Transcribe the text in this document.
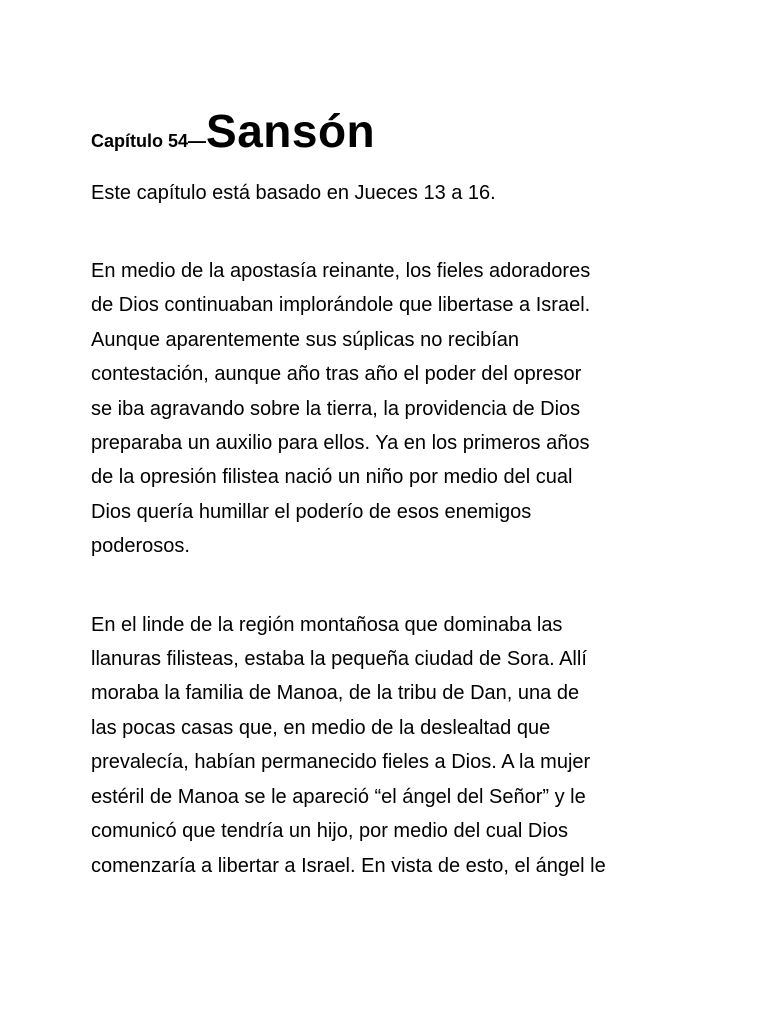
Capítulo 54—Sansón

Este capítulo está basado en Jueces 13 a 16.

En medio de la apostasía reinante, los fieles adoradores
de Dios continuaban implorándole que libertase a Israel.
Aunque aparentemente sus súplicas no recibían
contestación, aunque año tras año el poder del opresor
se iba agravando sobre la tierra, la providencia de Dios
preparaba un auxilio para ellos. Ya en los primeros años
de la opresión filistea nació un niño por medio del cual
Dios quería humillar el poderío de esos enemigos
poderosos.

En el linde de la región montañosa que dominaba las
llanuras filisteas, estaba la pequeña ciudad de Sora. Allí
moraba la familia de Manoa, de la tribu de Dan, una de
las pocas casas que, en medio de la deslealtad que
prevalecía, habían permanecido fieles a Dios. A la mujer
estéril de Manoa se le apareció “el ángel del Señor” y le
comunicó que tendría un hijo, por medio del cual Dios
comenzaría a libertar a Israel. En vista de esto, el ángel le
